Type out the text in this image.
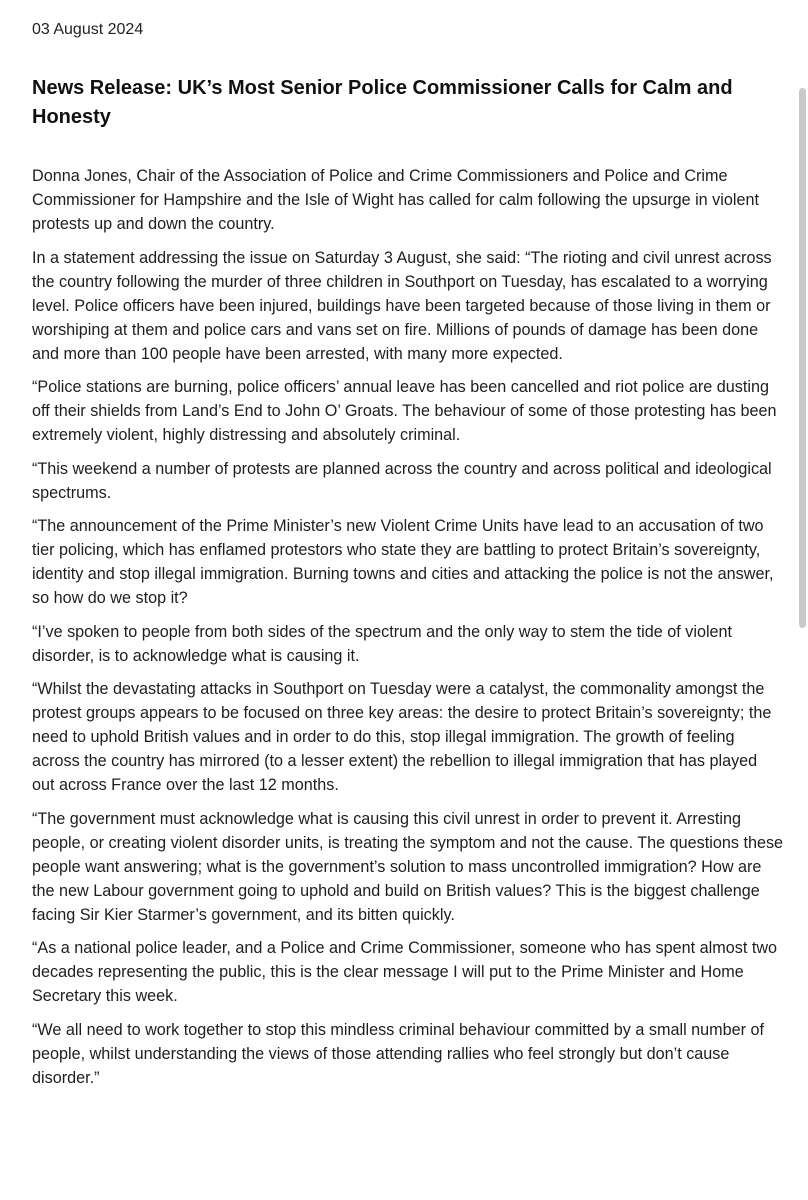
03 August 2024
News Release: UK’s Most Senior Police Commissioner Calls for Calm and Honesty

Donna Jones, Chair of the Association of Police and Crime Commissioners and Police and Crime Commissioner for Hampshire and the Isle of Wight has called for calm following the upsurge in violent protests up and down the country.

In a statement addressing the issue on Saturday 3 August, she said: “The rioting and civil unrest across the country following the murder of three children in Southport on Tuesday, has escalated to a worrying level. Police officers have been injured, buildings have been targeted because of those living in them or worshiping at them and police cars and vans set on fire. Millions of pounds of damage has been done and more than 100 people have been arrested, with many more expected.

“Police stations are burning, police officers’ annual leave has been cancelled and riot police are dusting off their shields from Land’s End to John O’ Groats. The behaviour of some of those protesting has been extremely violent, highly distressing and absolutely criminal.

“This weekend a number of protests are planned across the country and across political and ideological spectrums.

“The announcement of the Prime Minister’s new Violent Crime Units have lead to an accusation of two tier policing, which has enflamed protestors who state they are battling to protect Britain’s sovereignty, identity and stop illegal immigration. Burning towns and cities and attacking the police is not the answer, so how do we stop it?

“I’ve spoken to people from both sides of the spectrum and the only way to stem the tide of violent disorder, is to acknowledge what is causing it.

“Whilst the devastating attacks in Southport on Tuesday were a catalyst, the commonality amongst the protest groups appears to be focused on three key areas: the desire to protect Britain’s sovereignty; the need to uphold British values and in order to do this, stop illegal immigration. The growth of feeling across the country has mirrored (to a lesser extent) the rebellion to illegal immigration that has played out across France over the last 12 months.

“The government must acknowledge what is causing this civil unrest in order to prevent it. Arresting people, or creating violent disorder units, is treating the symptom and not the cause. The questions these people want answering; what is the government’s solution to mass uncontrolled immigration? How are the new Labour government going to uphold and build on British values? This is the biggest challenge facing Sir Kier Starmer’s government, and its bitten quickly.

“As a national police leader, and a Police and Crime Commissioner, someone who has spent almost two decades representing the public, this is the clear message I will put to the Prime Minister and Home Secretary this week.

“We all need to work together to stop this mindless criminal behaviour committed by a small number of people, whilst understanding the views of those attending rallies who feel strongly but don’t cause disorder.”
